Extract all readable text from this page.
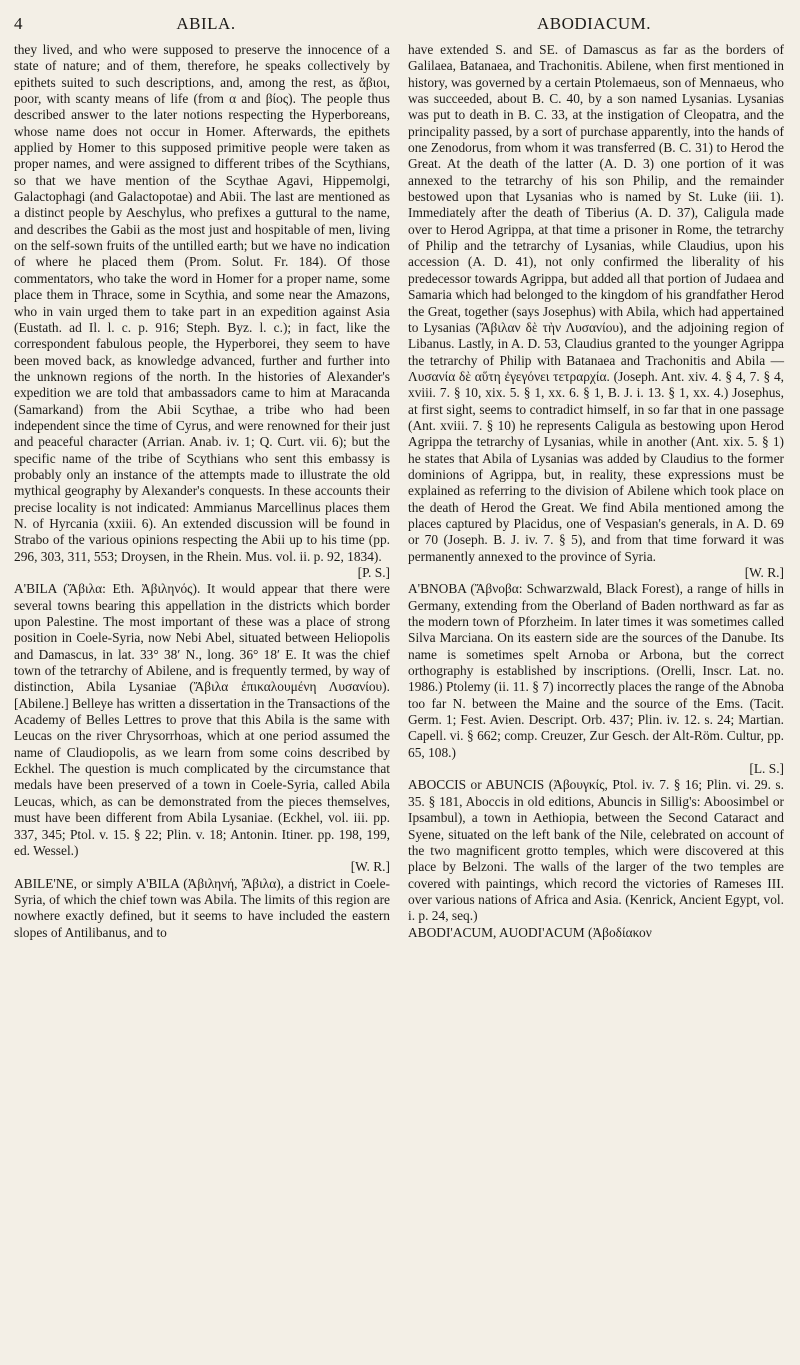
4	ABILA.	ABODIACUM.

they lived, and who were supposed to preserve the innocence of a state of nature; and of them, therefore, he speaks collectively by epithets suited to such descriptions, and, among the rest, as ἄβιοι, poor, with scanty means of life (from α and βίος). The people thus described answer to the later notions respecting the Hyperboreans, whose name does not occur in Homer. Afterwards, the epithets applied by Homer to this supposed primitive people were taken as proper names, and were assigned to different tribes of the Scythians, so that we have mention of the Scythae Agavi, Hippemolgi, Galactophagi (and Galactopotae) and Abii. The last are mentioned as a distinct people by Aeschylus, who prefixes a guttural to the name, and describes the Gabii as the most just and hospitable of men, living on the self-sown fruits of the untilled earth; but we have no indication of where he placed them (Prom. Solut. Fr. 184). Of those commentators, who take the word in Homer for a proper name, some place them in Thrace, some in Scythia, and some near the Amazons, who in vain urged them to take part in an expedition against Asia (Eustath. ad Il. l. c. p. 916; Steph. Byz. l. c.); in fact, like the correspondent fabulous people, the Hyperborei, they seem to have been moved back, as knowledge advanced, further and further into the unknown regions of the north. In the histories of Alexander's expedition we are told that ambassadors came to him at Maracanda (Samarkand) from the Abii Scythae, a tribe who had been independent since the time of Cyrus, and were renowned for their just and peaceful character (Arrian. Anab. iv. 1; Q. Curt. vii. 6); but the specific name of the tribe of Scythians who sent this embassy is probably only an instance of the attempts made to illustrate the old mythical geography by Alexander's conquests. In these accounts their precise locality is not indicated: Ammianus Marcellinus places them N. of Hyrcania (xxiii. 6). An extended discussion will be found in Strabo of the various opinions respecting the Abii up to his time (pp. 296, 303, 311, 553; Droysen, in the Rhein. Mus. vol. ii. p. 92, 1834).

[P. S.]

A'BILA (Ἄβιλα: Eth. Ἀβιληνός). It would appear that there were several towns bearing this appellation in the districts which border upon Palestine. The most important of these was a place of strong position in Coele-Syria, now Nebi Abel, situated between Heliopolis and Damascus, in lat. 33° 38′ N., long. 36° 18′ E. It was the chief town of the tetrarchy of Abilene, and is frequently termed, by way of distinction, Abila Lysaniae (Ἄβιλα ἐπικαλουμένη Λυσανίου). [Abilene.] Belleye has written a dissertation in the Transactions of the Academy of Belles Lettres to prove that this Abila is the same with Leucas on the river Chrysorrhoas, which at one period assumed the name of Claudiopolis, as we learn from some coins described by Eckhel. The question is much complicated by the circumstance that medals have been preserved of a town in Coele-Syria, called Abila Leucas, which, as can be demonstrated from the pieces themselves, must have been different from Abila Lysaniae. (Eckhel, vol. iii. pp. 337, 345; Ptol. v. 15. § 22; Plin. v. 18; Antonin. Itiner. pp. 198, 199, ed. Wessel.)

[W. R.]

ABILE'NE, or simply A'BILA (Ἀβιληνή, Ἄβιλα), a district in Coele-Syria, of which the chief town was Abila. The limits of this region are nowhere exactly defined, but it seems to have included the eastern slopes of Antilibanus, and to

have extended S. and SE. of Damascus as far as the borders of Galilaea, Batanaea, and Trachonitis. Abilene, when first mentioned in history, was governed by a certain Ptolemaeus, son of Mennaeus, who was succeeded, about B. C. 40, by a son named Lysanias. Lysanias was put to death in B. C. 33, at the instigation of Cleopatra, and the principality passed, by a sort of purchase apparently, into the hands of one Zenodorus, from whom it was transferred (B. C. 31) to Herod the Great. At the death of the latter (A. D. 3) one portion of it was annexed to the tetrarchy of his son Philip, and the remainder bestowed upon that Lysanias who is named by St. Luke (iii. 1). Immediately after the death of Tiberius (A. D. 37), Caligula made over to Herod Agrippa, at that time a prisoner in Rome, the tetrarchy of Philip and the tetrarchy of Lysanias, while Claudius, upon his accession (A. D. 41), not only confirmed the liberality of his predecessor towards Agrippa, but added all that portion of Judaea and Samaria which had belonged to the kingdom of his grandfather Herod the Great, together (says Josephus) with Abila, which had appertained to Lysanias (Ἄβιλαν δὲ τὴν Λυσανίου), and the adjoining region of Libanus. Lastly, in A. D. 53, Claudius granted to the younger Agrippa the tetrarchy of Philip with Batanaea and Trachonitis and Abila — Λυσανία δὲ αὕτη ἐγεγόνει τετραρχία. (Joseph. Ant. xiv. 4. § 4, 7. § 4, xviii. 7. § 10, xix. 5. § 1, xx. 6. § 1, B. J. i. 13. § 1, xx. 4.) Josephus, at first sight, seems to contradict himself, in so far that in one passage (Ant. xviii. 7. § 10) he represents Caligula as bestowing upon Herod Agrippa the tetrarchy of Lysanias, while in another (Ant. xix. 5. § 1) he states that Abila of Lysanias was added by Claudius to the former dominions of Agrippa, but, in reality, these expressions must be explained as referring to the division of Abilene which took place on the death of Herod the Great. We find Abila mentioned among the places captured by Placidus, one of Vespasian's generals, in A. D. 69 or 70 (Joseph. B. J. iv. 7. § 5), and from that time forward it was permanently annexed to the province of Syria.

[W. R.]

A'BNOBA (Ἄβνοβα: Schwarzwald, Black Forest), a range of hills in Germany, extending from the Oberland of Baden northward as far as the modern town of Pforzheim. In later times it was sometimes called Silva Marciana. On its eastern side are the sources of the Danube. Its name is sometimes spelt Arnoba or Arbona, but the correct orthography is established by inscriptions. (Orelli, Inscr. Lat. no. 1986.) Ptolemy (ii. 11. § 7) incorrectly places the range of the Abnoba too far N. between the Maine and the source of the Ems. (Tacit. Germ. 1; Fest. Avien. Descript. Orb. 437; Plin. iv. 12. s. 24; Martian. Capell. vi. § 662; comp. Creuzer, Zur Gesch. der Alt-Röm. Cultur, pp. 65, 108.)

[L. S.]

ABOCCIS or ABUNCIS (Ἀβουγκίς, Ptol. iv. 7. § 16; Plin. vi. 29. s. 35. § 181, Aboccis in old editions, Abuncis in Sillig's: Aboosimbel or Ipsambul), a town in Aethiopia, between the Second Cataract and Syene, situated on the left bank of the Nile, celebrated on account of the two magnificent grotto temples, which were discovered at this place by Belzoni. The walls of the larger of the two temples are covered with paintings, which record the victories of Rameses III. over various nations of Africa and Asia. (Kenrick, Ancient Egypt, vol. i. p. 24, seq.)

ABODI'ACUM, AUODI'ACUM (Ἀβοδίακον
